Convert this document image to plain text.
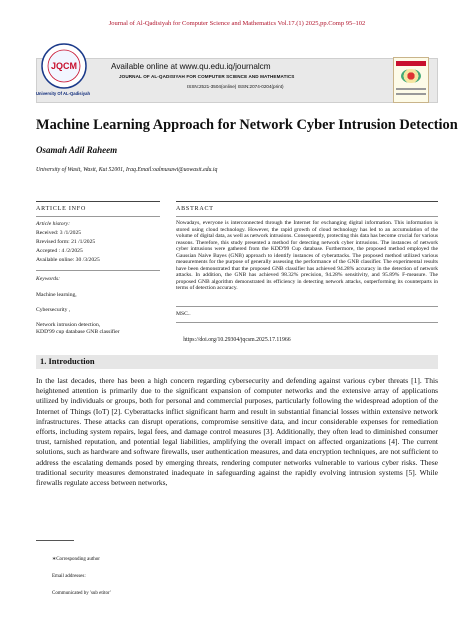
Journal of Al-Qadisiyah for Computer Science and Mathematics Vol.17.(1) 2025,pp.Comp 95–102
JQCM
University Of AL-Qadisiyah
Available online at www.qu.edu.iq/journalcm
JOURNAL OF AL-QADISIYAH FOR COMPUTER SCIENCE AND MATHEMATICS
ISSN:2521-3504(online) ISSN:2074-0204(print)
Machine Learning Approach for Network Cyber Intrusion Detection
Osamah Adil Raheem
University of Wasit, Wasit, Kut 52001, Iraq.Email:oalmusawi@uowasit.edu.iq
ARTICLE INFO
Article history:
Received: 3 /1/2025
Rrevised form: 21 /1/2025
Accepted : 4 /2/2025
Available online: 30 /3/2025
Keywords:
Machine learning,
Cybersecurity ,
Network intrusion detection,
KDD'99 cup database GNB classifier
ABSTRACT
Nowadays, everyone is interconnected through the Internet for exchanging digital information. This information is stored using cloud technology. However, the rapid growth of cloud technology has led to an accumulation of the volume of digital data, as well as network intrusions. Consequently, protecting this data has become crucial for various reasons. Therefore, this study presented a method for detecting network cyber intrusions. The instances of network cyber intrusions were gathered from the KDD'99 Cup database. Furthermore, the proposed method employed the Gaussian Naive Bayes (GNB) approach to identify instances of cyberattacks. The proposed method utilized various measurements for the purpose of generally assessing the performance of the GNB classifier. The experimental results have been demonstrated that the proposed GNB classifier has achieved 94.28% accuracy in the detection of network attacks. In addition, the GNB has achieved 98.32% precision, 94.28% sensitivity, and 95.89% F-measure. The proposed GNB algorithm demonstrated its efficiency in detecting network attacks, outperforming its counterparts in terms of detection accuracy.
MSC..
https://doi.org/10.29304/jqcsm.2025.17.11966
1. Introduction
In the last decades, there has been a high concern regarding cybersecurity and defending against various cyber threats [1]. This heightened attention is primarily due to the significant expansion of computer networks and the extensive array of applications utilized by individuals or groups, both for personal and commercial purposes, particularly following the widespread adoption of the Internet of Things (IoT) [2]. Cyberattacks inflict significant harm and result in substantial financial losses within extensive network infrastructures. These attacks can disrupt operations, compromise sensitive data, and incur considerable expenses for remediation efforts, including system repairs, legal fees, and damage control measures [3]. Additionally, they often lead to diminished consumer trust, tarnished reputation, and potential legal liabilities, amplifying the overall impact on affected organizations [4]. The current solutions, such as hardware and software firewalls, user authentication measures, and data encryption techniques, are not sufficient to address the escalating demands posed by emerging threats, rendering computer networks vulnerable to various cyber risks. These traditional security measures demonstrated inadequate in safeguarding against the rapidly evolving intrusion systems [5]. While firewalls regulate access between networks,
∗Corresponding author
Email addresses:
Communicated by 'sub etitor'
